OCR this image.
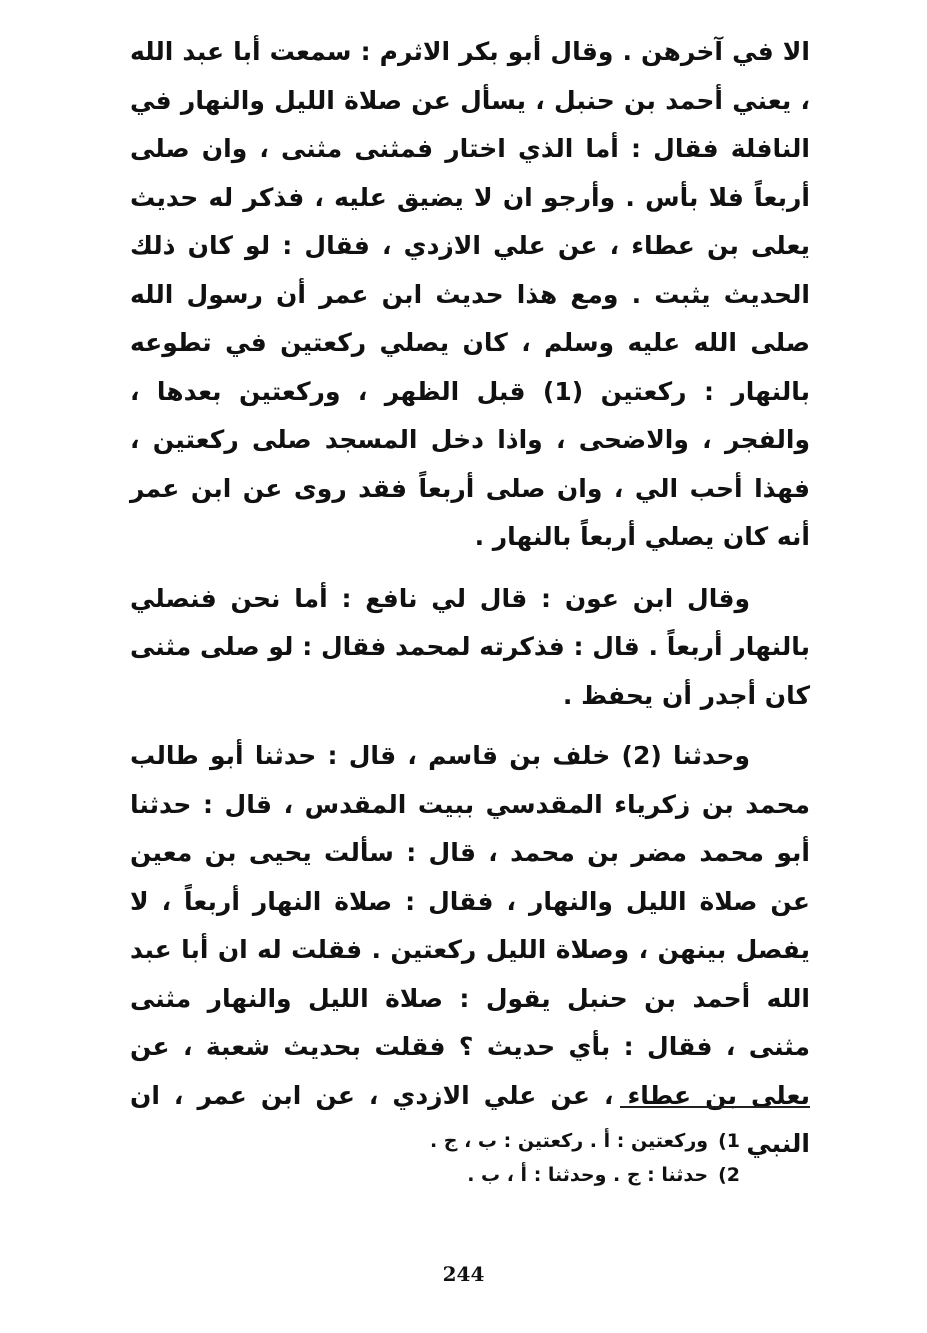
الا في آخرهن . وقال أبو بكر الاثرم : سمعت أبا عبد الله ، يعني أحمد بن حنبل ، يسأل عن صلاة الليل والنهار في النافلة فقال : أما الذي اختار فمثنى مثنى ، وان صلى أربعاً فلا بأس . وأرجو ان لا يضيق عليه ، فذكر له حديث يعلى بن عطاء ، عن علي الازدي ، فقال : لو كان ذلك الحديث يثبت . ومع هذا حديث ابن عمر أن رسول الله صلى الله عليه وسلم ، كان يصلي ركعتين في تطوعه بالنهار : ركعتين (1) قبل الظهر ، وركعتين بعدها ، والفجر ، والاضحى ، واذا دخل المسجد صلى ركعتين ، فهذا أحب الي ، وان صلى أربعاً فقد روى عن ابن عمر أنه كان يصلي أربعاً بالنهار .

وقال ابن عون : قال لي نافع : أما نحن فنصلي بالنهار أربعاً . قال : فذكرته لمحمد فقال : لو صلى مثنى كان أجدر أن يحفظ .

وحدثنا (2) خلف بن قاسم ، قال : حدثنا أبو طالب محمد بن زكرياء المقدسي ببيت المقدس ، قال : حدثنا أبو محمد مضر بن محمد ، قال : سألت يحيى بن معين عن صلاة الليل والنهار ، فقال : صلاة النهار أربعاً ، لا يفصل بينهن ، وصلاة الليل ركعتين . فقلت له ان أبا عبد الله أحمد بن حنبل يقول : صلاة الليل والنهار مثنى مثنى ، فقال : بأي حديث ؟ فقلت بحديث شعبة ، عن يعلى بن عطاء ، عن علي الازدي ، عن ابن عمر ، ان النبي

1)وركعتين : أ . ركعتين : ب ، ج .
2)حدثنا : ج . وحدثنا : أ ، ب .
244
